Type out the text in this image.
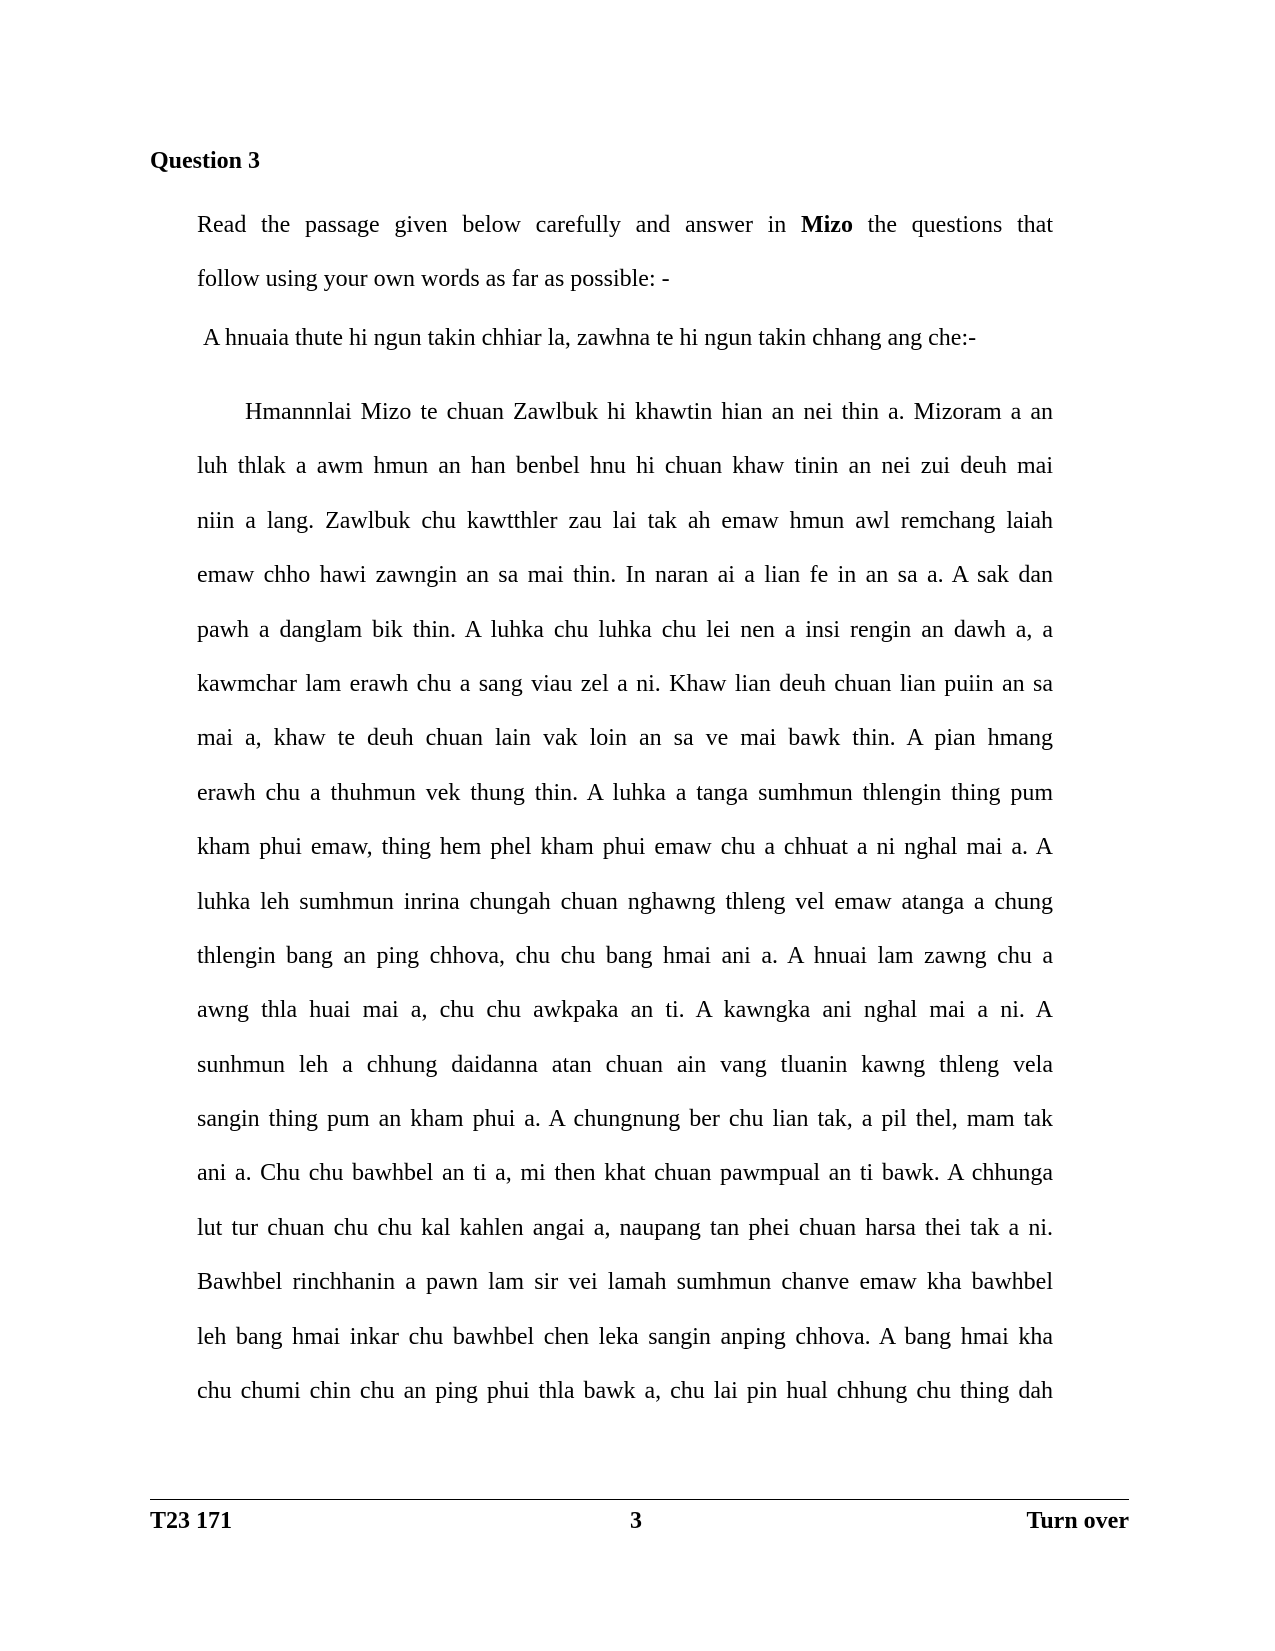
Question 3
Read the passage given below carefully and answer in Mizo the questions that
follow using your own words as far as possible: -
A hnuaia thute hi ngun takin chhiar la, zawhna te hi ngun takin chhang ang che:-
Hmannnlai Mizo te chuan Zawlbuk hi khawtin hian an nei thin a. Mizoram a an
luh thlak a awm hmun an han benbel hnu hi chuan khaw tinin an nei zui deuh mai
niin a lang. Zawlbuk chu kawtthler zau lai tak ah emaw hmun awl remchang laiah
emaw chho hawi zawngin an sa mai thin. In naran ai a lian fe in an sa a. A sak dan
pawh a danglam bik thin. A luhka chu luhka chu lei nen a insi rengin an dawh a, a
kawmchar lam erawh chu a sang viau zel a ni. Khaw lian deuh chuan lian puiin an sa
mai a, khaw te deuh chuan lain vak loin an sa ve mai bawk thin. A pian hmang
erawh chu a thuhmun vek thung thin. A luhka a tanga sumhmun thlengin thing pum
kham phui emaw, thing hem phel kham phui emaw chu a chhuat a ni nghal mai a. A
luhka leh sumhmun inrina chungah chuan nghawng thleng vel emaw atanga a chung
thlengin bang an ping chhova, chu chu bang hmai ani a. A hnuai lam zawng chu a
awng thla huai mai a, chu chu awkpaka an ti. A kawngka ani nghal mai a ni. A
sunhmun leh a chhung daidanna atan chuan ain vang tluanin kawng thleng vela
sangin thing pum an kham phui a. A chungnung ber chu lian tak, a pil thel, mam tak
ani a. Chu chu bawhbel an ti a, mi then khat chuan pawmpual an ti bawk. A chhunga
lut tur chuan chu chu kal kahlen angai a, naupang tan phei chuan harsa thei tak a ni.
Bawhbel rinchhanin a pawn lam sir vei lamah sumhmun chanve emaw kha bawhbel
leh bang hmai inkar chu bawhbel chen leka sangin anping chhova. A bang hmai kha
chu chumi chin chu an ping phui thla bawk a, chu lai pin hual chhung chu thing dah
T23 171	3	Turn over
